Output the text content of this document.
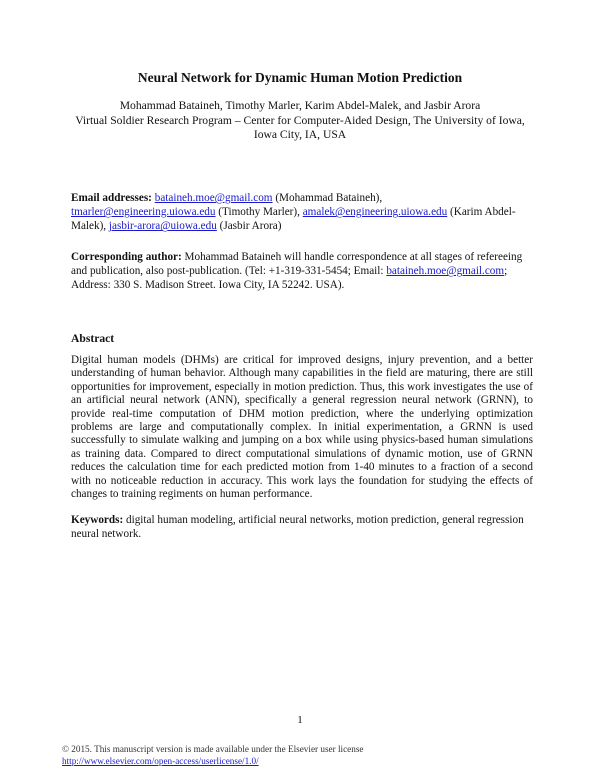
Neural Network for Dynamic Human Motion Prediction
Mohammad Bataineh, Timothy Marler, Karim Abdel-Malek, and Jasbir Arora
Virtual Soldier Research Program – Center for Computer-Aided Design, The University of Iowa, Iowa City, IA, USA
Email addresses: bataineh.moe@gmail.com (Mohammad Bataineh),
tmarler@engineering.uiowa.edu (Timothy Marler), amalek@engineering.uiowa.edu (Karim Abdel-Malek), jasbir-arora@uiowa.edu (Jasbir Arora)
Corresponding author: Mohammad Bataineh will handle correspondence at all stages of refereeing and publication, also post-publication. (Tel: +1-319-331-5454; Email: bataineh.moe@gmail.com; Address: 330 S. Madison Street. Iowa City, IA 52242. USA).
Abstract
Digital human models (DHMs) are critical for improved designs, injury prevention, and a better understanding of human behavior. Although many capabilities in the field are maturing, there are still opportunities for improvement, especially in motion prediction. Thus, this work investigates the use of an artificial neural network (ANN), specifically a general regression neural network (GRNN), to provide real-time computation of DHM motion prediction, where the underlying optimization problems are large and computationally complex. In initial experimentation, a GRNN is used successfully to simulate walking and jumping on a box while using physics-based human simulations as training data. Compared to direct computational simulations of dynamic motion, use of GRNN reduces the calculation time for each predicted motion from 1-40 minutes to a fraction of a second with no noticeable reduction in accuracy. This work lays the foundation for studying the effects of changes to training regiments on human performance.
Keywords: digital human modeling, artificial neural networks, motion prediction, general regression neural network.
1
© 2015. This manuscript version is made available under the Elsevier user license
http://www.elsevier.com/open-access/userlicense/1.0/
